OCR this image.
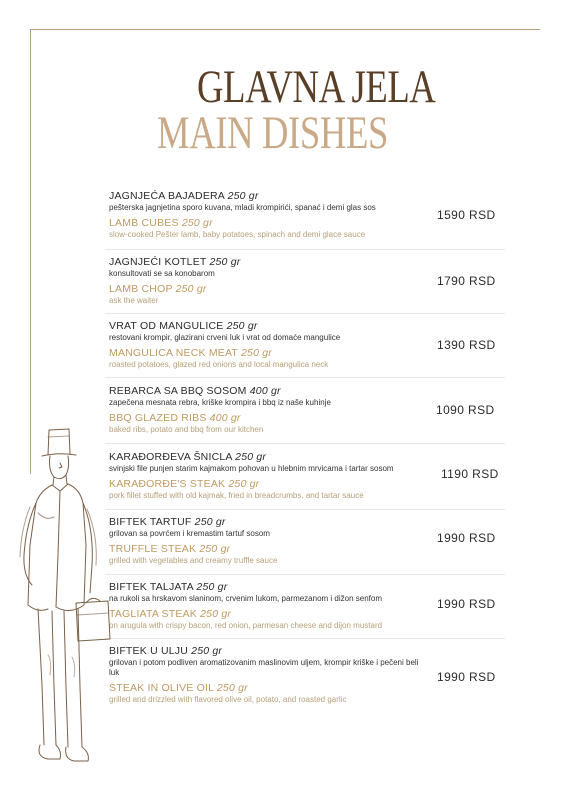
GLAVNA JELA
MAIN DISHES
JAGNJEĆA BAJADERA 250 gr
pešterska jagnjetina sporo kuvana, mladi krompirići, spanać i demi glas sos
LAMB CUBES 250 gr
slow-cooked Pešter lamb, baby potatoes, spinach and demi glace sauce
1590 RSD
JAGNJEĆI KOTLET 250 gr
konsultovati se sa konobarom
LAMB CHOP 250 gr
ask the waiter
1790 RSD
VRAT OD MANGULICE 250 gr
restovani krompir, glazirani crveni luk i vrat od domaće mangulice
MANGULICA NECK MEAT 250 gr
roasted potatoes, glazed red onions and local mangulica neck
1390 RSD
REBARCA SA BBQ SOSOM 400 gr
zapečena mesnata rebra, kriške krompira i bbq iz naše kuhinje
BBQ GLAZED RIBS 400 gr
baked ribs, potato and bbq from our kitchen
1090 RSD
KARAĐORĐEVA ŠNICLA 250 gr
svinjski file punjen starim kajmakom pohovan u hlebnim mrvicama i tartar sosom
KARAĐORĐE'S STEAK 250 gr
pork fillet stuffed with old kajmak, fried in breadcrumbs, and tartar sauce
1190 RSD
BIFTEK TARTUF 250 gr
grilovan sa povrćem i kremastim tartuf sosom
TRUFFLE STEAK 250 gr
grilled with vegetables and creamy truffle sauce
1990 RSD
BIFTEK TALJATA 250 gr
na rukoli sa hrskavom slaninom, crvenim lukom, parmezanom i dižon senfom
TAGLIATA STEAK 250 gr
on arugula with crispy bacon, red onion, parmesan cheese and dijon mustard
1990 RSD
BIFTEK U ULJU 250 gr
grilovan i potom podliven aromatizovanim maslinovim uljem, krompir kriške i pečeni beli luk
STEAK IN OLIVE OIL 250 gr
grilled and drizzled with flavored olive oil, potato, and roasted garlic
1990 RSD
